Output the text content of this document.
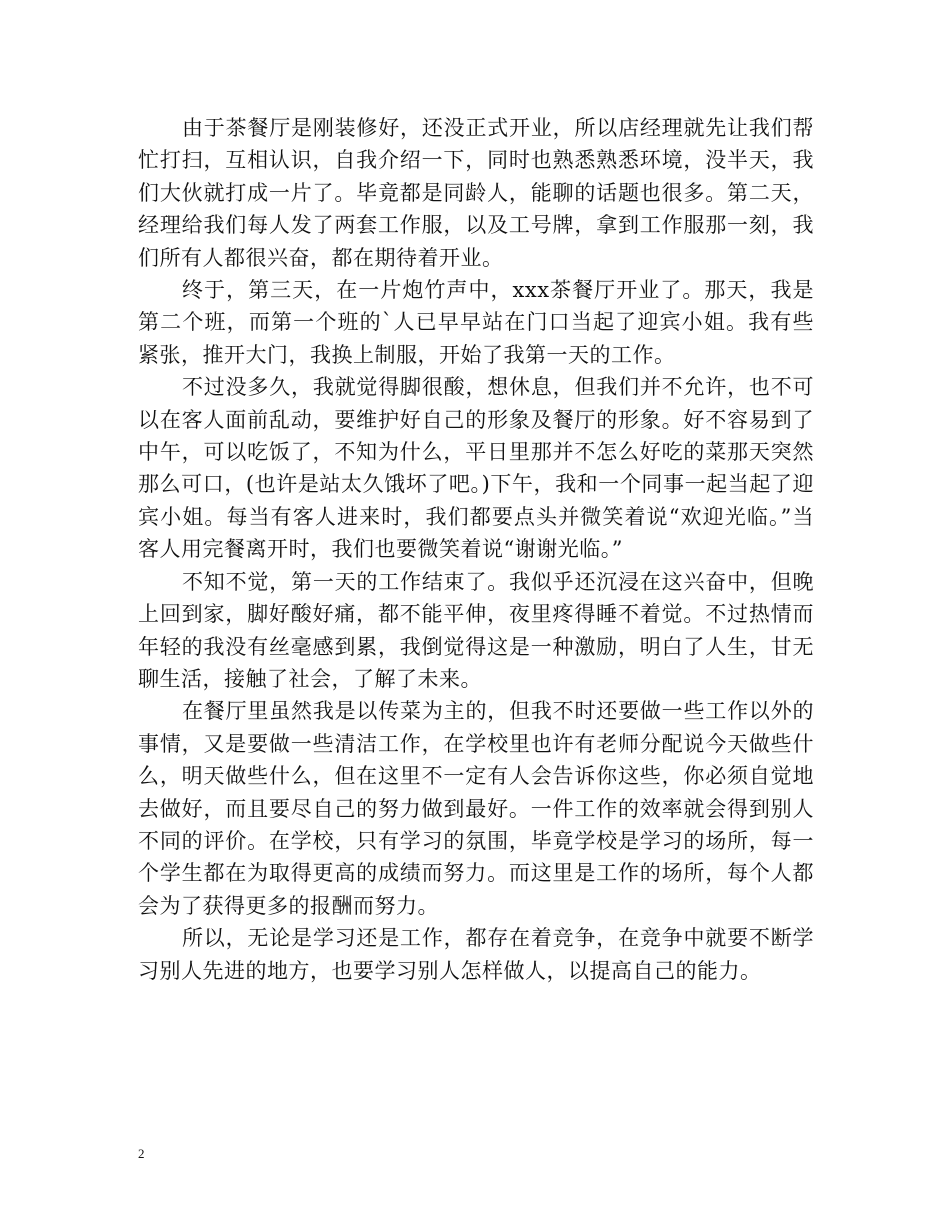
由于茶餐厅是刚装修好，还没正式开业，所以店经理就先让我们帮忙打扫，互相认识，自我介绍一下，同时也熟悉熟悉环境，没半天，我们大伙就打成一片了。毕竟都是同龄人，能聊的话题也很多。第二天，经理给我们每人发了两套工作服，以及工号牌，拿到工作服那一刻，我们所有人都很兴奋，都在期待着开业。

终于，第三天，在一片炮竹声中，xxx茶餐厅开业了。那天，我是第二个班，而第一个班的`人已早早站在门口当起了迎宾小姐。我有些紧张，推开大门，我换上制服，开始了我第一天的工作。

不过没多久，我就觉得脚很酸，想休息，但我们并不允许，也不可以在客人面前乱动，要维护好自己的形象及餐厅的形象。好不容易到了中午，可以吃饭了，不知为什么，平日里那并不怎么好吃的菜那天突然那么可口，(也许是站太久饿坏了吧。)下午，我和一个同事一起当起了迎宾小姐。每当有客人进来时，我们都要点头并微笑着说“欢迎光临。”当客人用完餐离开时，我们也要微笑着说“谢谢光临。”

不知不觉，第一天的工作结束了。我似乎还沉浸在这兴奋中，但晚上回到家，脚好酸好痛，都不能平伸，夜里疼得睡不着觉。不过热情而年轻的我没有丝毫感到累，我倒觉得这是一种激励，明白了人生，甘无聊生活，接触了社会，了解了未来。

在餐厅里虽然我是以传菜为主的，但我不时还要做一些工作以外的事情，又是要做一些清洁工作，在学校里也许有老师分配说今天做些什么，明天做些什么，但在这里不一定有人会告诉你这些，你必须自觉地去做好，而且要尽自己的努力做到最好。一件工作的效率就会得到别人不同的评价。在学校，只有学习的氛围，毕竟学校是学习的场所，每一个学生都在为取得更高的成绩而努力。而这里是工作的场所，每个人都会为了获得更多的报酬而努力。

所以，无论是学习还是工作，都存在着竞争，在竞争中就要不断学习别人先进的地方，也要学习别人怎样做人，以提高自己的能力。

2
